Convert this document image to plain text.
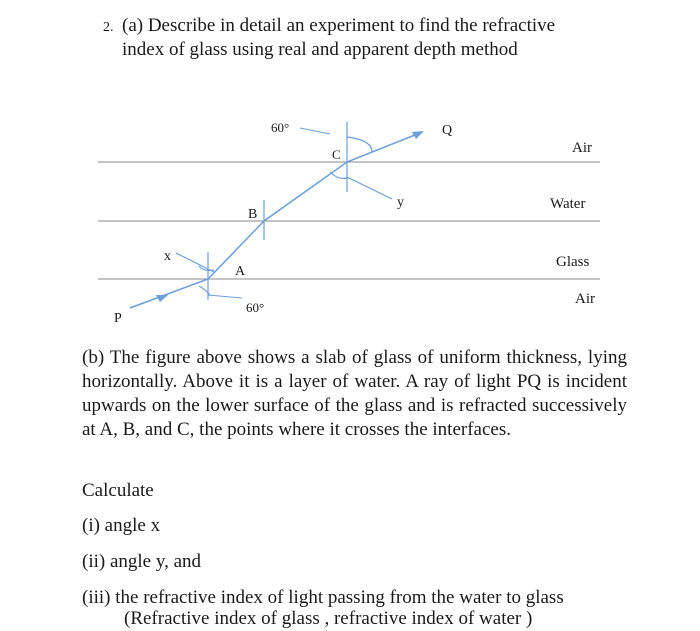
2. (a) Describe in detail an experiment to find the refractive
index of glass using real and apparent depth method
Air
Water
Glass
Air
P
A
B
C
Q
x
y
60°
60°
(b) The figure above shows a slab of glass of uniform thickness, lying horizontally. Above it is a layer of water. A ray of light PQ is incident upwards on the lower surface of the glass and is refracted successively at A, B, and C, the points where it crosses the interfaces.
Calculate
(i) angle x
(ii) angle y, and
(iii) the refractive index of light passing from the water to glass
(Refractive index of glass , refractive index of water )
